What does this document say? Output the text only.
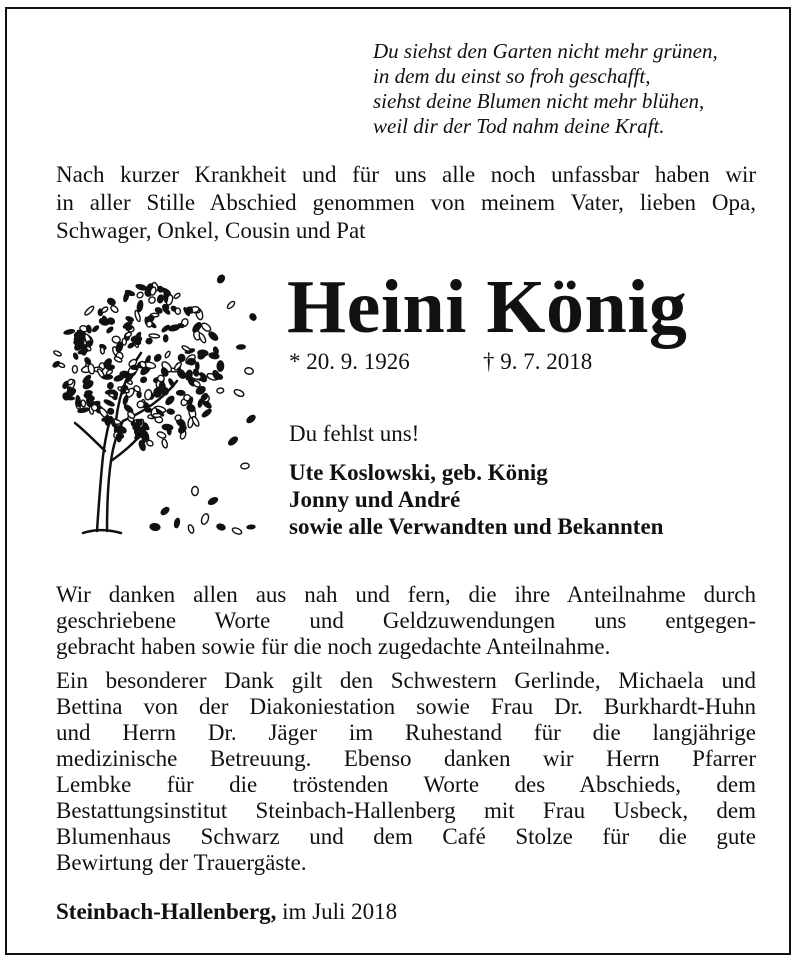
Du siehst den Garten nicht mehr grünen,
in dem du einst so froh geschafft,
siehst deine Blumen nicht mehr blühen,
weil dir der Tod nahm deine Kraft.
Nach kurzer Krankheit und für uns alle noch unfassbar haben wir
in aller Stille Abschied genommen von meinem Vater, lieben Opa,
Schwager, Onkel, Cousin und Pat
Heini König
* 20. 9. 1926	† 9. 7. 2018
Du fehlst uns!
Ute Koslowski, geb. König
Jonny und André
sowie alle Verwandten und Bekannten
Wir danken allen aus nah und fern, die ihre Anteilnahme durch
geschriebene Worte und Geldzuwendungen uns entgegen-
gebracht haben sowie für die noch zugedachte Anteilnahme.
Ein besonderer Dank gilt den Schwestern Gerlinde, Michaela und
Bettina von der Diakoniestation sowie Frau Dr. Burkhardt-Huhn
und Herrn Dr. Jäger im Ruhestand für die langjährige
medizinische Betreuung. Ebenso danken wir Herrn Pfarrer
Lembke für die tröstenden Worte des Abschieds, dem
Bestattungsinstitut Steinbach-Hallenberg mit Frau Usbeck, dem
Blumenhaus Schwarz und dem Café Stolze für die gute
Bewirtung der Trauergäste.
Steinbach-Hallenberg, im Juli 2018
